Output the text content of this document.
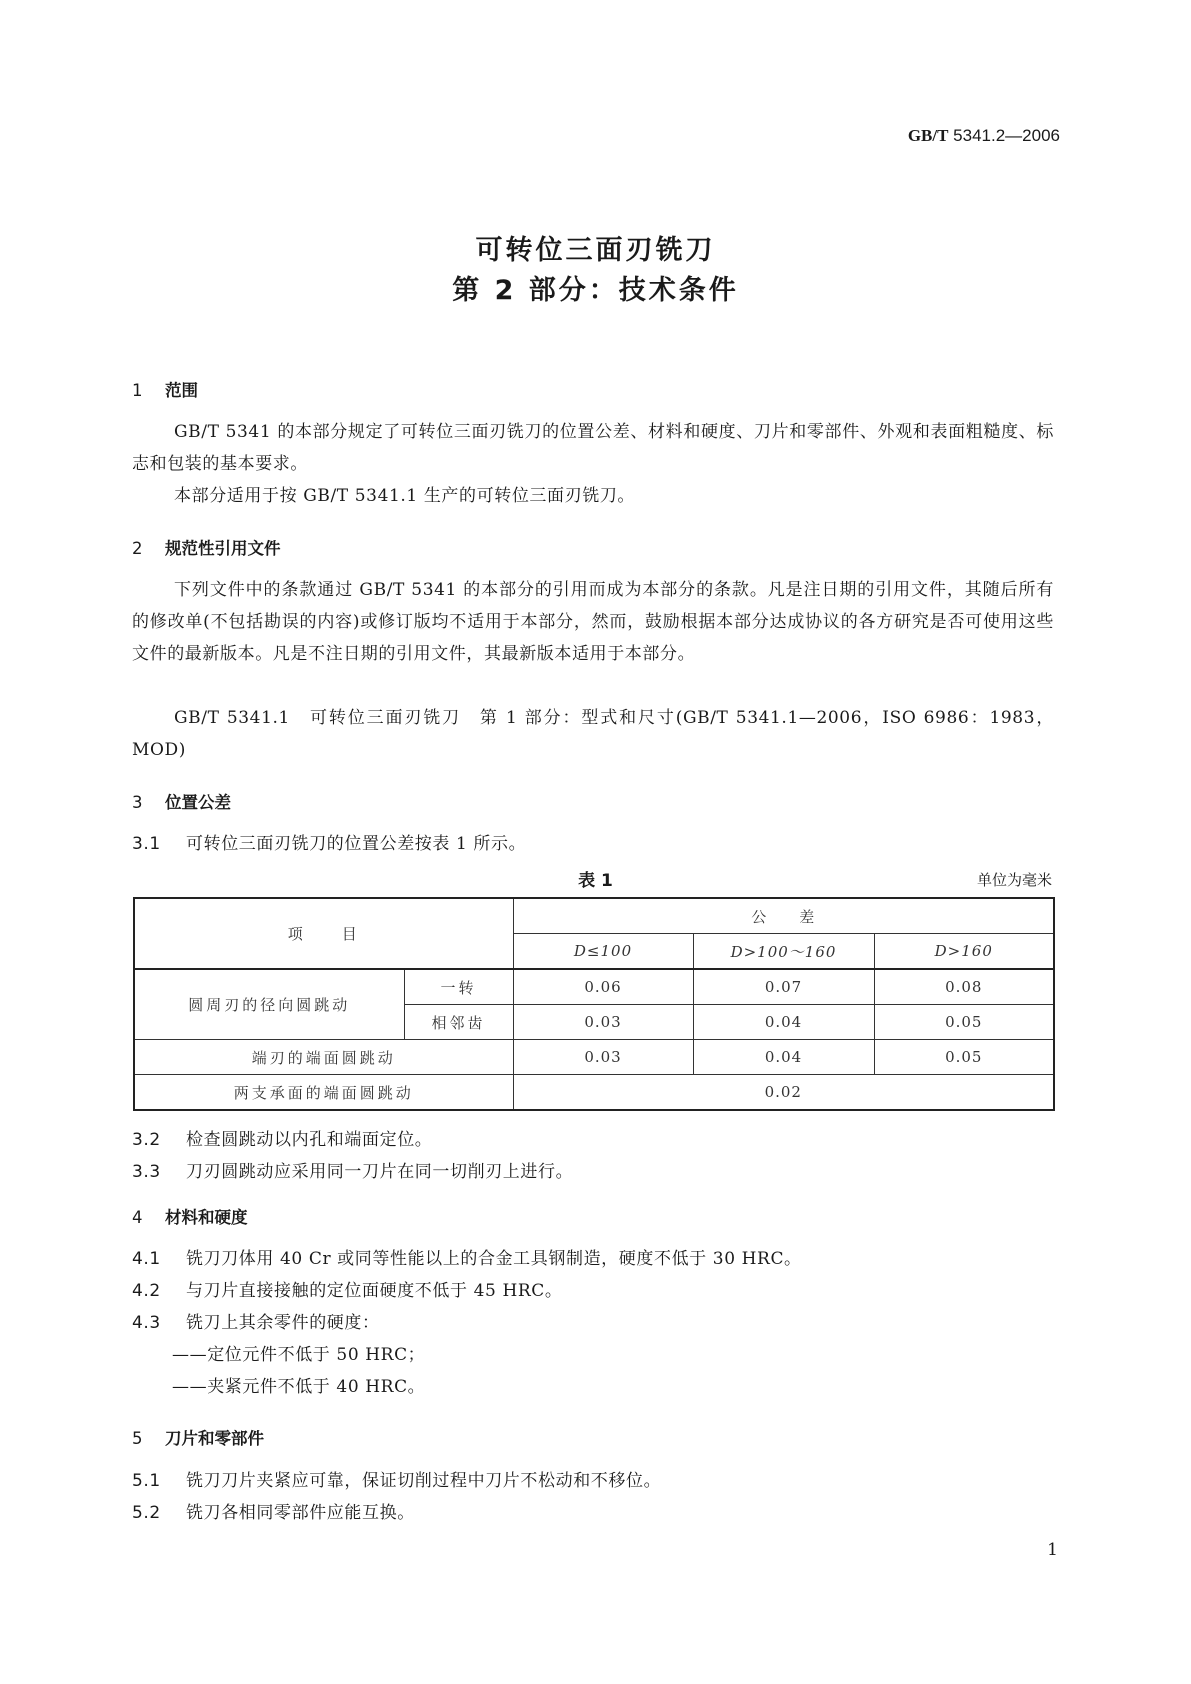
GB/T 5341.2—2006
可转位三面刃铣刀
第 2 部分：技术条件
1 范围
GB/T 5341 的本部分规定了可转位三面刃铣刀的位置公差、材料和硬度、刀片和零部件、外观和表面粗糙度、标志和包装的基本要求。
本部分适用于按 GB/T 5341.1 生产的可转位三面刃铣刀。
2 规范性引用文件
下列文件中的条款通过 GB/T 5341 的本部分的引用而成为本部分的条款。凡是注日期的引用文件，其随后所有的修改单(不包括勘误的内容)或修订版均不适用于本部分，然而，鼓励根据本部分达成协议的各方研究是否可使用这些文件的最新版本。凡是不注日期的引用文件，其最新版本适用于本部分。
GB/T 5341.1　可转位三面刃铣刀　第 1 部分：型式和尺寸(GB/T 5341.1—2006，ISO 6986：1983，MOD)
3 位置公差
3.1 可转位三面刃铣刀的位置公差按表 1 所示。
表 1	单位为毫米
项　　目		公　　差		
		D≤100	D>100～160	D>160
圆周刃的径向圆跳动	一转	0.06	0.07	0.08
	相邻齿	0.03	0.04	0.05
端刃的端面圆跳动		0.03	0.04	0.05
两支承面的端面圆跳动		0.02		
3.2 检查圆跳动以内孔和端面定位。
3.3 刀刃圆跳动应采用同一刀片在同一切削刃上进行。
4 材料和硬度
4.1 铣刀刀体用 40 Cr 或同等性能以上的合金工具钢制造，硬度不低于 30 HRC。
4.2 与刀片直接接触的定位面硬度不低于 45 HRC。
4.3 铣刀上其余零件的硬度：
——定位元件不低于 50 HRC；
——夹紧元件不低于 40 HRC。
5 刀片和零部件
5.1 铣刀刀片夹紧应可靠，保证切削过程中刀片不松动和不移位。
5.2 铣刀各相同零部件应能互换。
1
